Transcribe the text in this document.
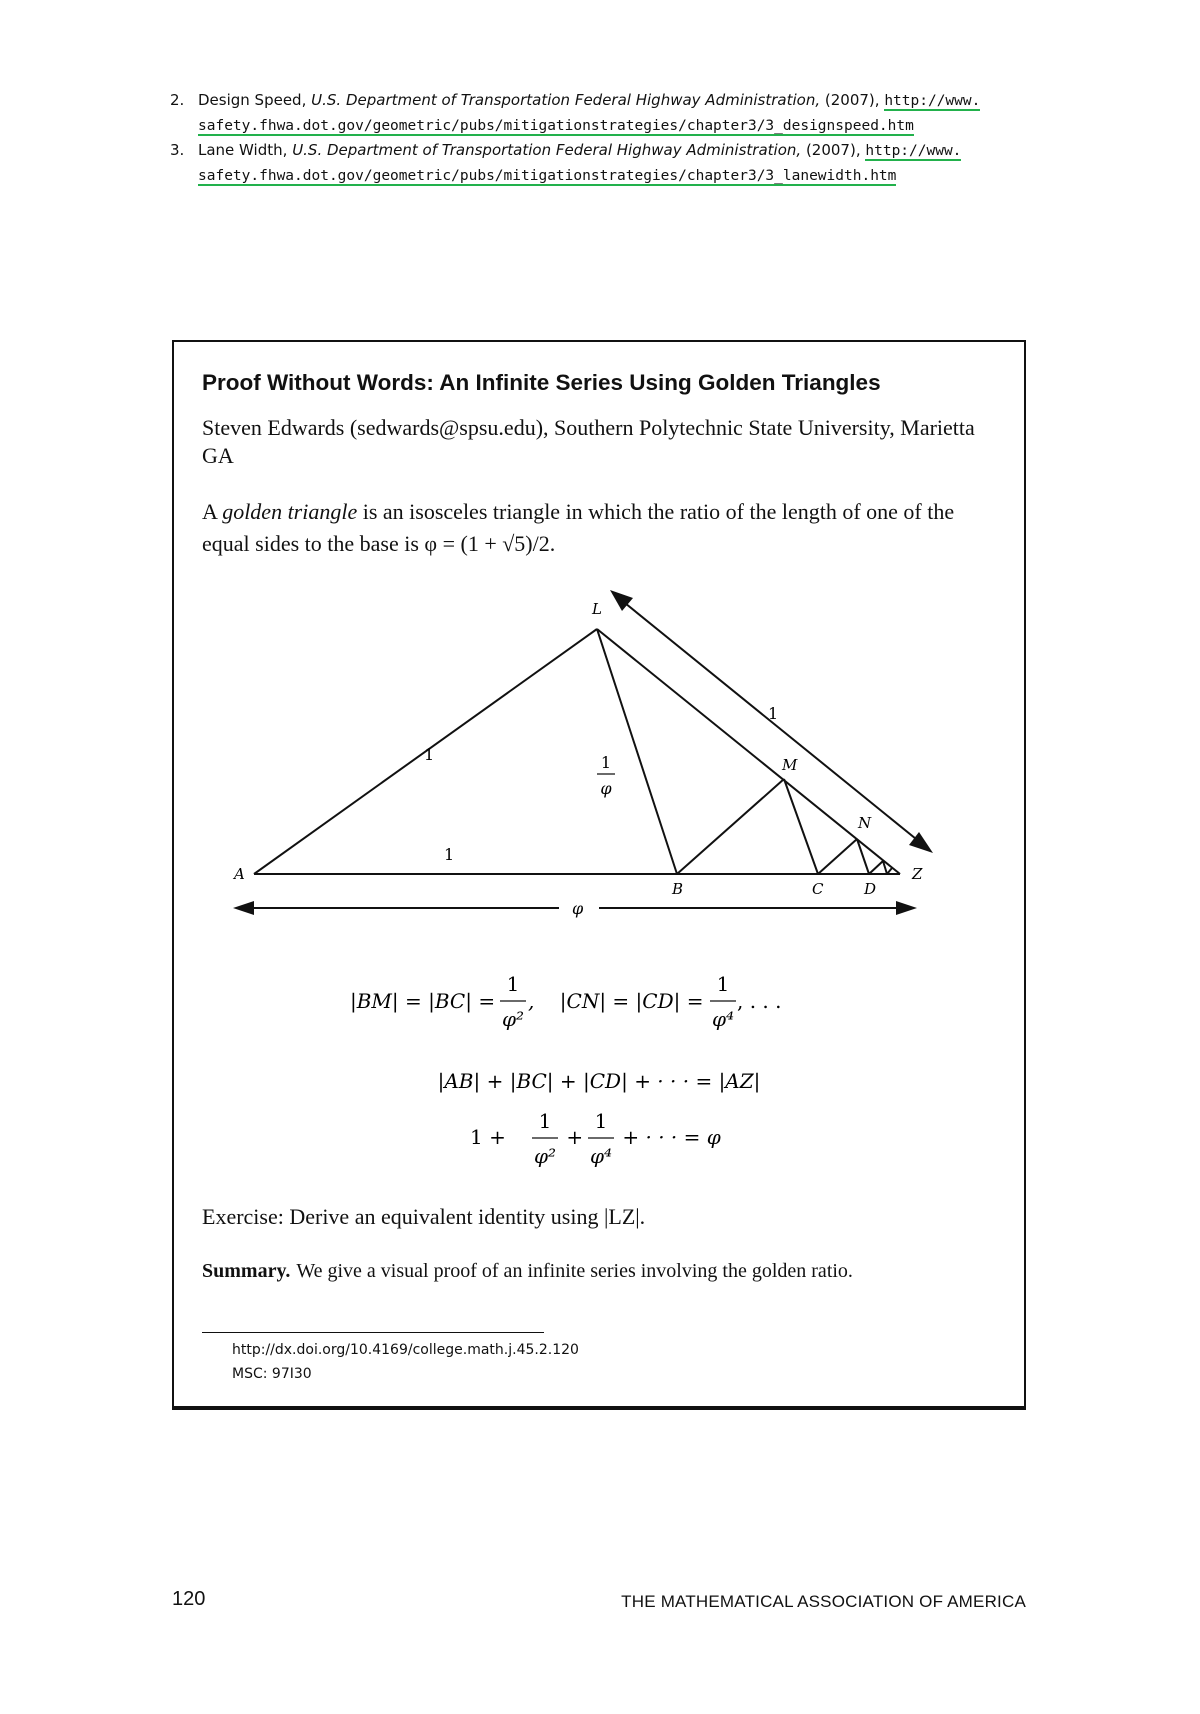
2. Design Speed, U.S. Department of Transportation Federal Highway Administration, (2007), http://www.
safety.fhwa.dot.gov/geometric/pubs/mitigationstrategies/chapter3/3_designspeed.htm
3. Lane Width, U.S. Department of Transportation Federal Highway Administration, (2007), http://www.
safety.fhwa.dot.gov/geometric/pubs/mitigationstrategies/chapter3/3_lanewidth.htm
Proof Without Words: An Infinite Series Using Golden Triangles
Steven Edwards (sedwards@spsu.edu), Southern Polytechnic State University, Marietta GA
A golden triangle is an isosceles triangle in which the ratio of the length of one of the equal sides to the base is φ = (1 + √5)/2.
L
A
B	C	D
Z
M
N
1
1
1
φ
1
φ
|BM| = |BC| =
1
φ²
,    |CN| = |CD| =
1
φ⁴
, . . .
|AB| + |BC| + |CD| + · · · = |AZ|
1 +
1
φ²
+
1
φ⁴
+ · · · = φ
Exercise: Derive an equivalent identity using |LZ|.
Summary. We give a visual proof of an infinite series involving the golden ratio.
http://dx.doi.org/10.4169/college.math.j.45.2.120
MSC: 97I30
120	THE MATHEMATICAL ASSOCIATION OF AMERICA
